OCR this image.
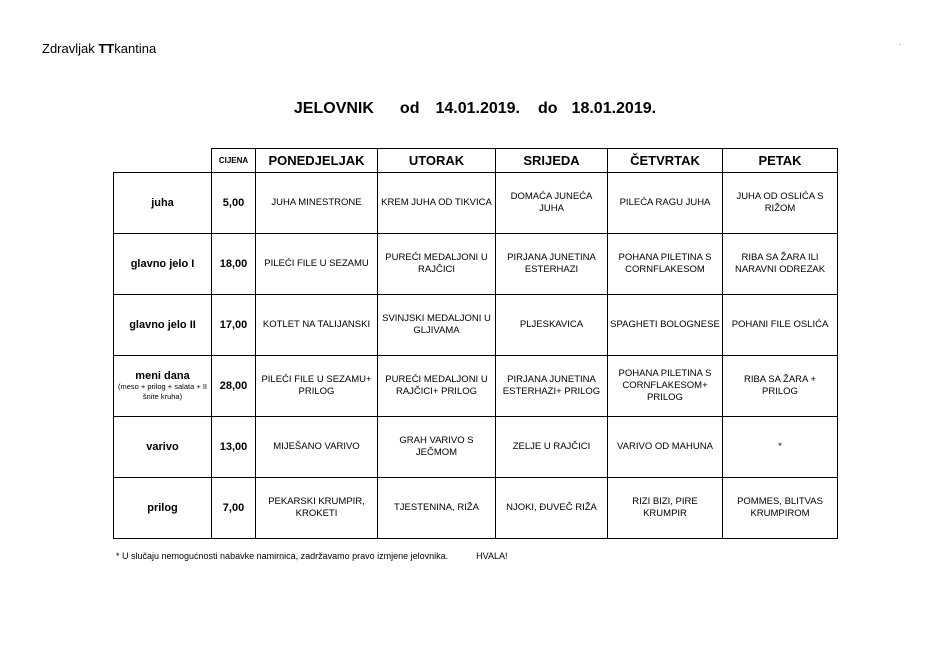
Zdravljak TTkantina	.
JELOVNIK od 14.01.2019. do 18.01.2019.
	CIJENA	PONEDJELJAK	UTORAK	SRIJEDA	ČETVRTAK	PETAK
juha	5,00	JUHA MINESTRONE	KREM JUHA OD TIKVICA	DOMAĆA JUNEĆA JUHA	PILEĆA RAGU JUHA	JUHA OD OSLIĆA S RIŽOM
glavno jelo I	18,00	PILEĆI FILE U SEZAMU	PUREĆI MEDALJONI U RAJČICI	PIRJANA JUNETINA ESTERHAZI	POHANA PILETINA S CORNFLAKESOM	RIBA SA ŽARA ILI NARAVNI ODREZAK
glavno jelo II	17,00	KOTLET NA TALIJANSKI	SVINJSKI MEDALJONI U GLJIVAMA	PLJESKAVICA	SPAGHETI BOLOGNESE	POHANI FILE OSLIĆA
meni dana
(meso + prilog + salata + II šnite kruha)	28,00	PILEĆI FILE U SEZAMU+ PRILOG	PUREĆI MEDALJONI U RAJČICI+ PRILOG	PIRJANA JUNETINA ESTERHAZI+ PRILOG	POHANA PILETINA S CORNFLAKESOM+ PRILOG	RIBA SA ŽARA + PRILOG
varivo	13,00	MIJEŠANO VARIVO	GRAH VARIVO S JEČMOM	ZELJE U RAJČICI	VARIVO OD MAHUNA	*
prilog	7,00	PEKARSKI KRUMPIR, KROKETI	TJESTENINA, RIŽA	NJOKI, ĐUVEČ RIŽA	RIZI BIZI, PIRE KRUMPIR	POMMES, BLITVAS KRUMPIROM
* U slučaju nemogućnosti nabavke namirnica, zadržavamo pravo izmjene jelovnika.	HVALA!
